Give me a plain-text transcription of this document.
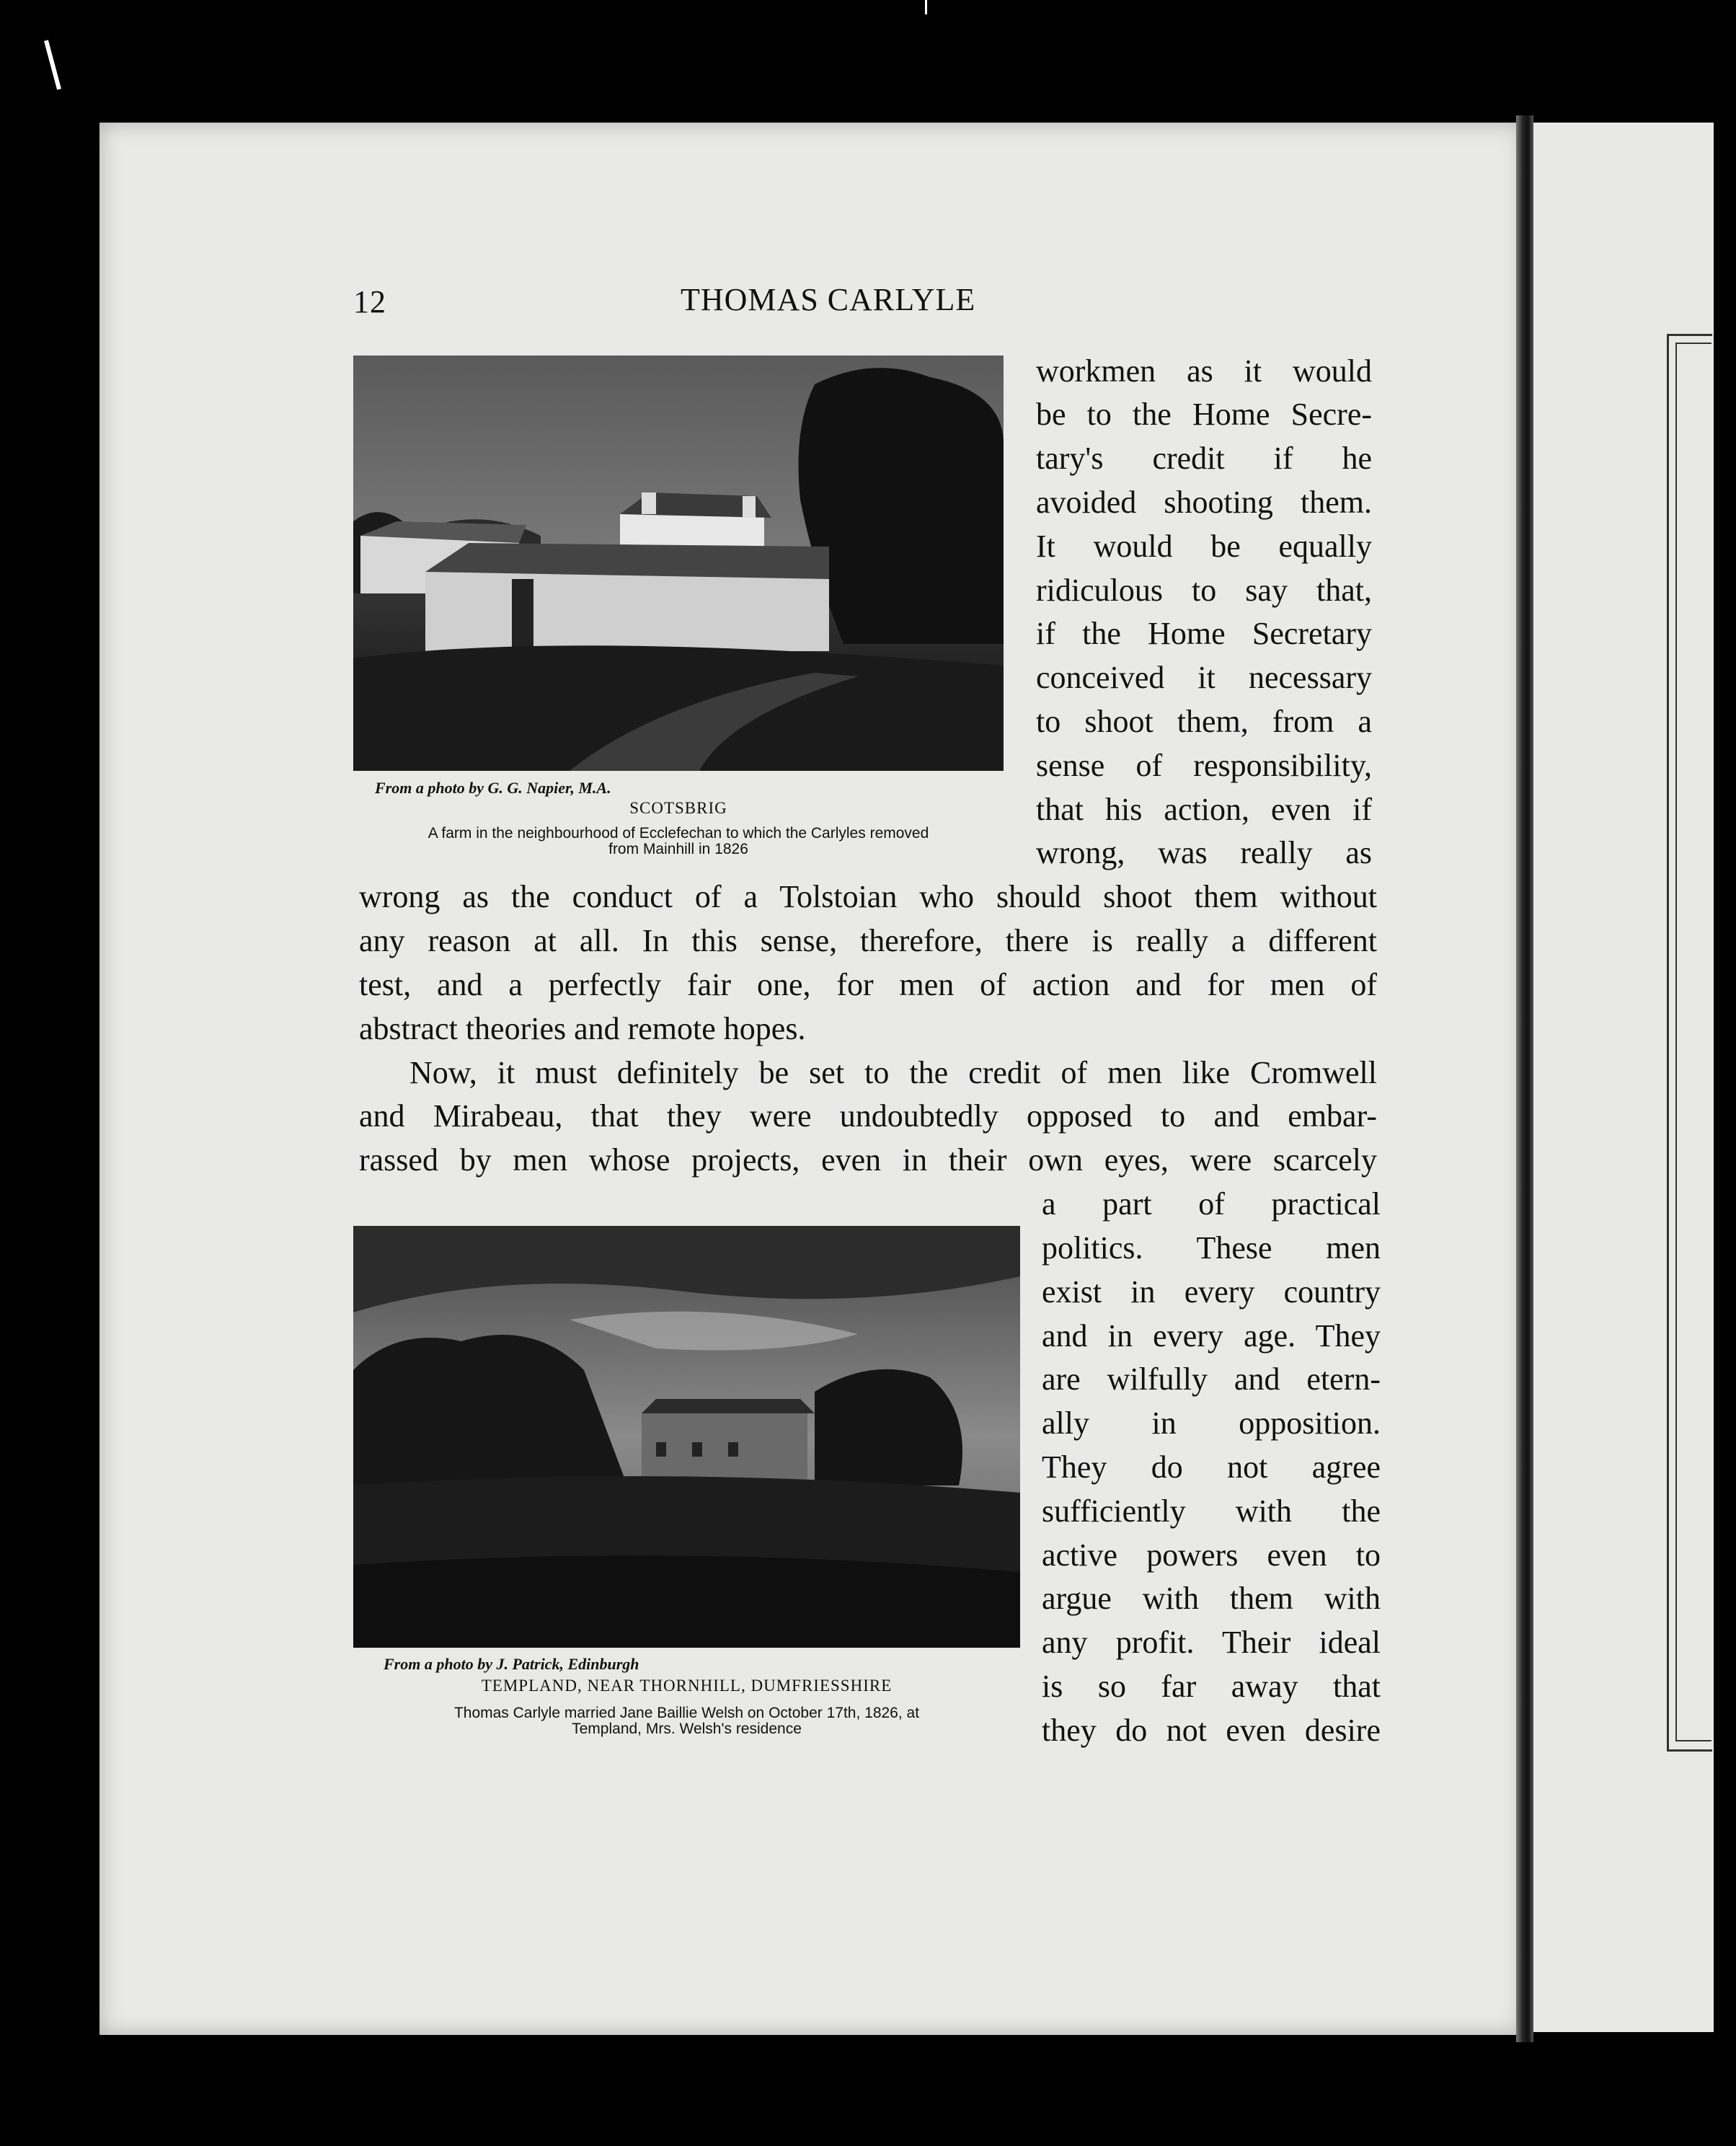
12	THOMAS CARLYLE
From a photo by G. G. Napier, M.A.
SCOTSBRIG
A farm in the neighbourhood of Ecclefechan to which the Carlyles removed
from Mainhill in 1826
workmen as it would
be to the Home Secre-
tary's credit if he
avoided shooting them.
It would be equally
ridiculous to say that,
if the Home Secretary
conceived it necessary
to shoot them, from a
sense of responsibility,
that his action, even if
wrong, was really as
wrong as the conduct of a Tolstoian who should shoot them without
any reason at all. In this sense, therefore, there is really a different
test, and a perfectly fair one, for men of action and for men of
abstract theories and remote hopes.
Now, it must definitely be set to the credit of men like Cromwell
and Mirabeau, that they were undoubtedly opposed to and embar-
rassed by men whose projects, even in their own eyes, were scarcely
From a photo by J. Patrick, Edinburgh
TEMPLAND, NEAR THORNHILL, DUMFRIESSHIRE
Thomas Carlyle married Jane Baillie Welsh on October 17th, 1826, at
Templand, Mrs. Welsh's residence
a part of practical
politics. These men
exist in every country
and in every age. They
are wilfully and etern-
ally in opposition.
They do not agree
sufficiently with the
active powers even to
argue with them with
any profit. Their ideal
is so far away that
they do not even desire
